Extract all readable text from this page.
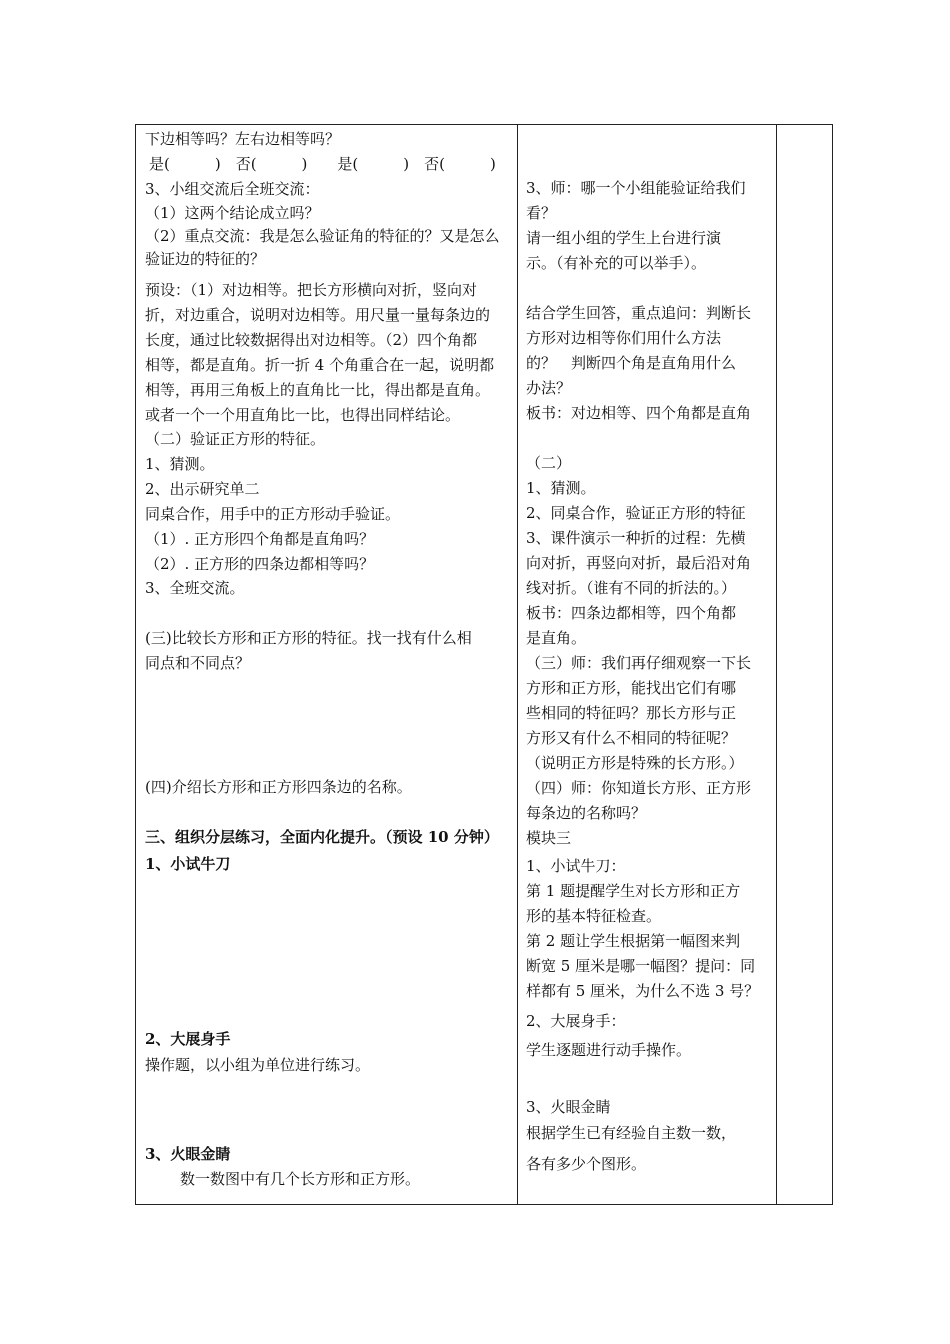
下边相等吗？左右边相等吗？
是(　　　)　否(　　　)　　是(　　　)　否(　　　)
3、小组交流后全班交流：
（1）这两个结论成立吗？
（2）重点交流：我是怎么验证角的特征的？又是怎么
验证边的特征的？
预设：（1）对边相等。把长方形横向对折，竖向对
折，对边重合，说明对边相等。用尺量一量每条边的
长度，通过比较数据得出对边相等。（2）四个角都
相等，都是直角。折一折 4 个角重合在一起，说明都
相等，再用三角板上的直角比一比，得出都是直角。
或者一个一个用直角比一比，也得出同样结论。
（二）验证正方形的特征。
1、猜测。
2、出示研究单二
同桌合作，用手中的正方形动手验证。
（1）. 正方形四个角都是直角吗？
（2）. 正方形的四条边都相等吗？
3、全班交流。
(三)比较长方形和正方形的特征。找一找有什么相
同点和不同点？
(四)介绍长方形和正方形四条边的名称。
三、组织分层练习，全面内化提升。（预设 10 分钟）
1、小试牛刀
2、大展身手
操作题，以小组为单位进行练习。
3、火眼金睛
数一数图中有几个长方形和正方形。
3、师：哪一个小组能验证给我们
看？
请一组小组的学生上台进行演
示。（有补充的可以举手）。
结合学生回答，重点追问：判断长
方形对边相等你们用什么方法
的？　判断四个角是直角用什么
办法？
板书：对边相等、四个角都是直角
（二）
1、猜测。
2、同桌合作，验证正方形的特征
3、课件演示一种折的过程：先横
向对折，再竖向对折，最后沿对角
线对折。（谁有不同的折法的。）
板书：四条边都相等，四个角都
是直角。
（三）师：我们再仔细观察一下长
方形和正方形，能找出它们有哪
些相同的特征吗？那长方形与正
方形又有什么不相同的特征呢？
（说明正方形是特殊的长方形。）
（四）师：你知道长方形、正方形
每条边的名称吗？
模块三
1、小试牛刀：
第 1 题提醒学生对长方形和正方
形的基本特征检查。
第 2 题让学生根据第一幅图来判
断宽 5 厘米是哪一幅图？提问：同
样都有 5 厘米，为什么不选 3 号？
2、大展身手：
学生逐题进行动手操作。
3、火眼金睛
根据学生已有经验自主数一数，
各有多少个图形。
